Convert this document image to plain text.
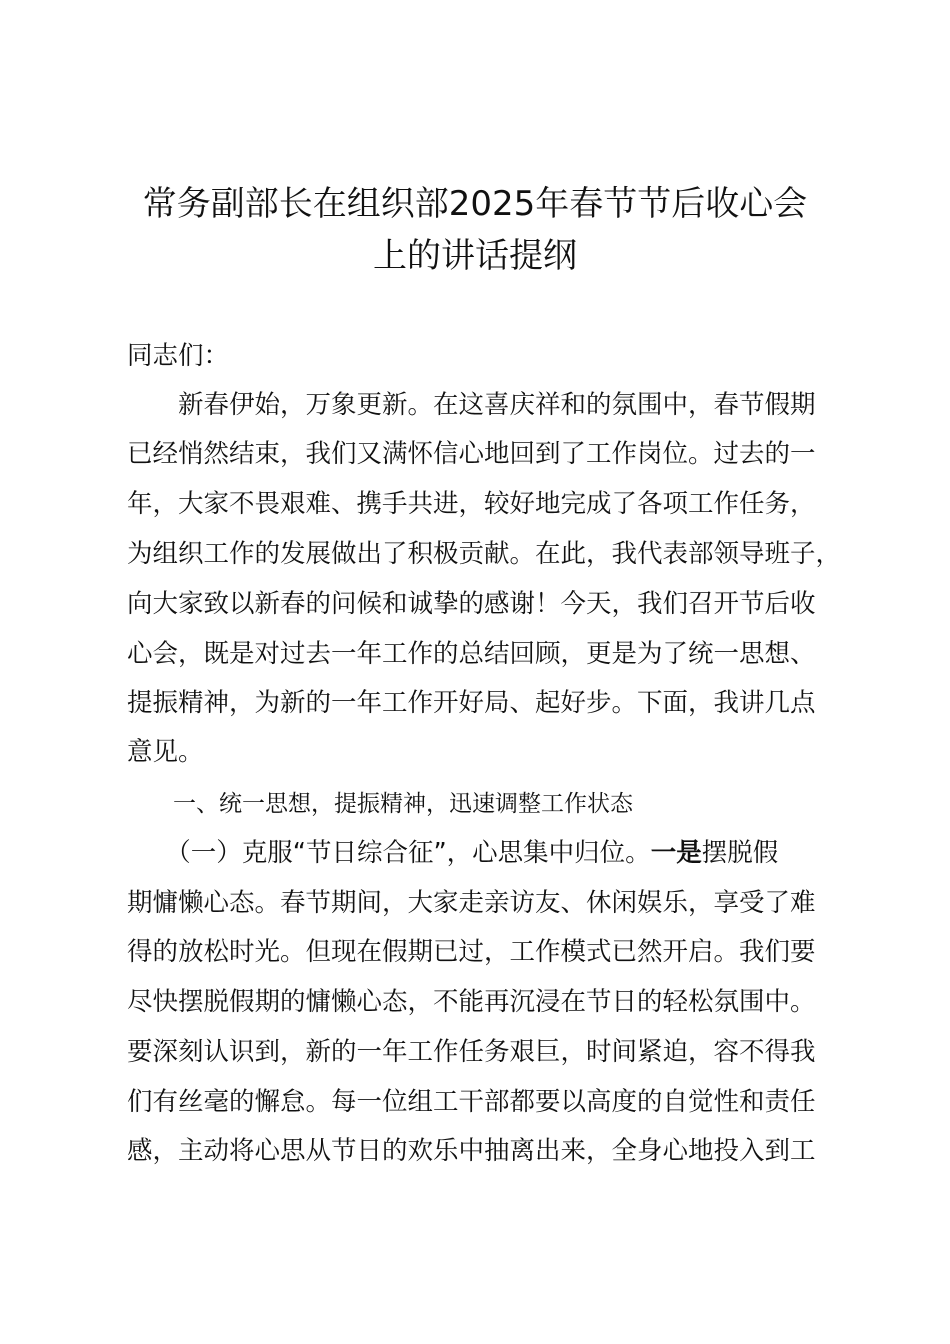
常务副部长在组织部2025年春节节后收心会
上的讲话提纲
同志们：
　　新春伊始，万象更新。在这喜庆祥和的氛围中，春节假期
已经悄然结束，我们又满怀信心地回到了工作岗位。过去的一
年，大家不畏艰难、携手共进，较好地完成了各项工作任务，
为组织工作的发展做出了积极贡献。在此，我代表部领导班子，
向大家致以新春的问候和诚挚的感谢！今天，我们召开节后收
心会，既是对过去一年工作的总结回顾，更是为了统一思想、
提振精神，为新的一年工作开好局、起好步。下面，我讲几点
意见。
　　一、统一思想，提振精神，迅速调整工作状态
　　（一）克服“节日综合征”，心思集中归位。一是摆脱假
期慵懒心态。春节期间，大家走亲访友、休闲娱乐，享受了难
得的放松时光。但现在假期已过，工作模式已然开启。我们要
尽快摆脱假期的慵懒心态，不能再沉浸在节日的轻松氛围中。
要深刻认识到，新的一年工作任务艰巨，时间紧迫，容不得我
们有丝毫的懈怠。每一位组工干部都要以高度的自觉性和责任
感，主动将心思从节日的欢乐中抽离出来，全身心地投入到工
